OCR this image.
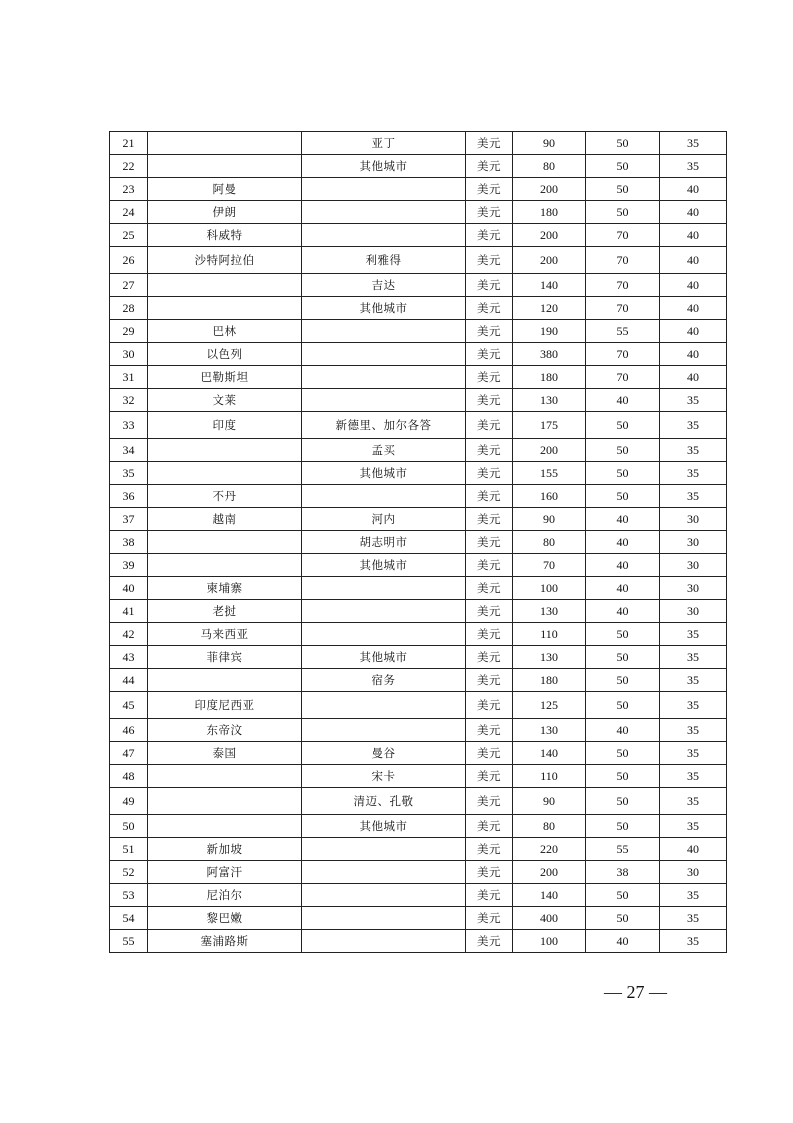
21		亚丁	美元	90	50	35
22		其他城市	美元	80	50	35
23	阿曼		美元	200	50	40
24	伊朗		美元	180	50	40
25	科威特		美元	200	70	40
26	沙特阿拉伯	利雅得	美元	200	70	40
27		吉达	美元	140	70	40
28		其他城市	美元	120	70	40
29	巴林		美元	190	55	40
30	以色列		美元	380	70	40
31	巴勒斯坦		美元	180	70	40
32	文莱		美元	130	40	35
33	印度	新德里、加尔各答	美元	175	50	35
34		孟买	美元	200	50	35
35		其他城市	美元	155	50	35
36	不丹		美元	160	50	35
37	越南	河内	美元	90	40	30
38		胡志明市	美元	80	40	30
39		其他城市	美元	70	40	30
40	柬埔寨		美元	100	40	30
41	老挝		美元	130	40	30
42	马来西亚		美元	110	50	35
43	菲律宾	其他城市	美元	130	50	35
44		宿务	美元	180	50	35
45	印度尼西亚		美元	125	50	35
46	东帝汶		美元	130	40	35
47	泰国	曼谷	美元	140	50	35
48		宋卡	美元	110	50	35
49		清迈、孔敬	美元	90	50	35
50		其他城市	美元	80	50	35
51	新加坡		美元	220	55	40
52	阿富汗		美元	200	38	30
53	尼泊尔		美元	140	50	35
54	黎巴嫩		美元	400	50	35
55	塞浦路斯		美元	100	40	35
— 27 —
